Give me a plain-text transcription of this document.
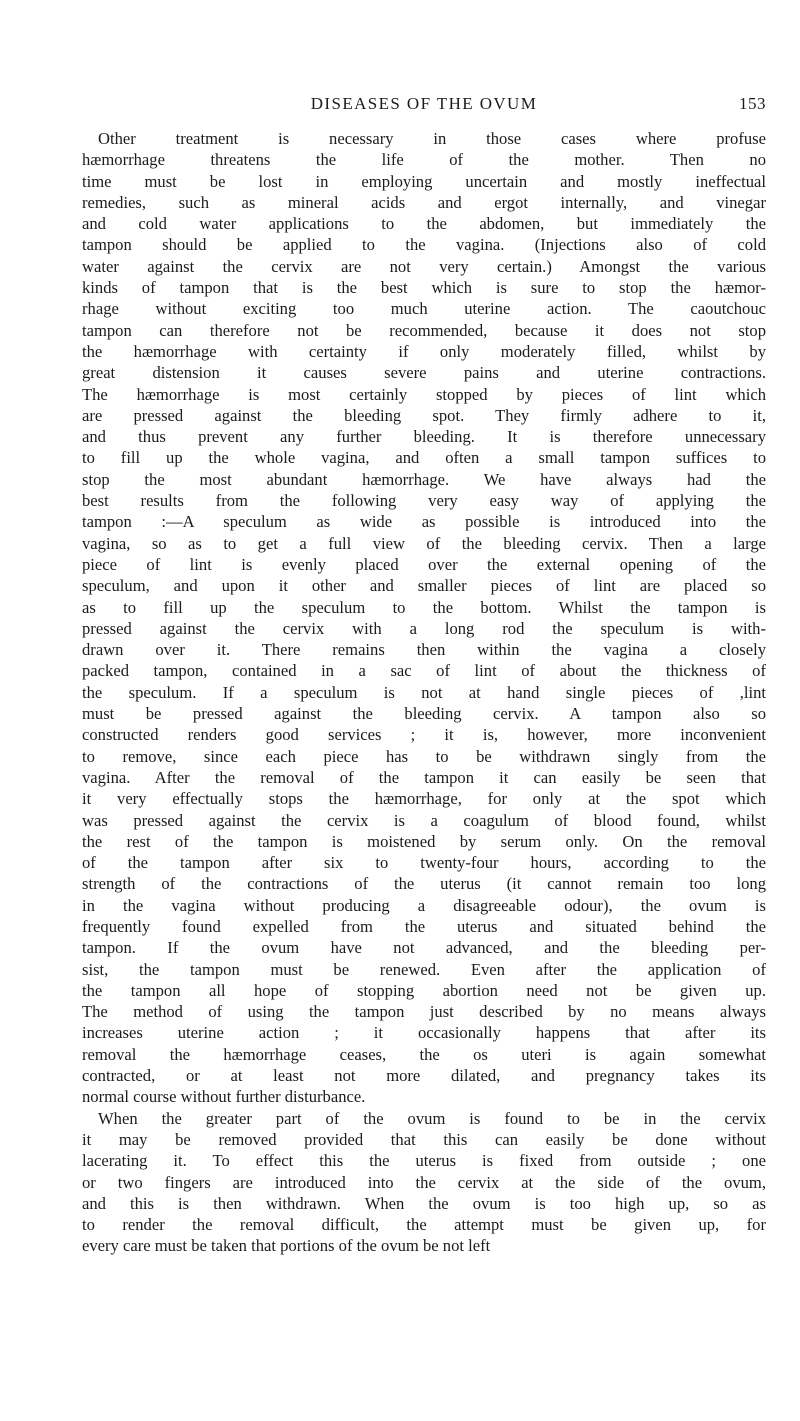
DISEASES OF THE OVUM	153

Other treatment is necessary in those cases where profuse
hæmorrhage threatens the life of the mother. Then no
time must be lost in employing uncertain and mostly ineffectual
remedies, such as mineral acids and ergot internally, and vinegar
and cold water applications to the abdomen, but immediately the
tampon should be applied to the vagina. (Injections also of cold
water against the cervix are not very certain.) Amongst the various
kinds of tampon that is the best which is sure to stop the hæmor-
rhage without exciting too much uterine action. The caoutchouc
tampon can therefore not be recommended, because it does not stop
the hæmorrhage with certainty if only moderately filled, whilst by
great distension it causes severe pains and uterine contractions.
The hæmorrhage is most certainly stopped by pieces of lint which
are pressed against the bleeding spot. They firmly adhere to it,
and thus prevent any further bleeding. It is therefore unnecessary
to fill up the whole vagina, and often a small tampon suffices to
stop the most abundant hæmorrhage. We have always had the
best results from the following very easy way of applying the
tampon :—A speculum as wide as possible is introduced into the
vagina, so as to get a full view of the bleeding cervix. Then a large
piece of lint is evenly placed over the external opening of the
speculum, and upon it other and smaller pieces of lint are placed so
as to fill up the speculum to the bottom. Whilst the tampon is
pressed against the cervix with a long rod the speculum is with-
drawn over it. There remains then within the vagina a closely
packed tampon, contained in a sac of lint of about the thickness of
the speculum. If a speculum is not at hand single pieces of ,lint
must be pressed against the bleeding cervix. A tampon also so
constructed renders good services ; it is, however, more inconvenient
to remove, since each piece has to be withdrawn singly from the
vagina. After the removal of the tampon it can easily be seen that
it very effectually stops the hæmorrhage, for only at the spot which
was pressed against the cervix is a coagulum of blood found, whilst
the rest of the tampon is moistened by serum only. On the removal
of the tampon after six to twenty-four hours, according to the
strength of the contractions of the uterus (it cannot remain too long
in the vagina without producing a disagreeable odour), the ovum is
frequently found expelled from the uterus and situated behind the
tampon. If the ovum have not advanced, and the bleeding per-
sist, the tampon must be renewed. Even after the application of
the tampon all hope of stopping abortion need not be given up.
The method of using the tampon just described by no means always
increases uterine action ; it occasionally happens that after its
removal the hæmorrhage ceases, the os uteri is again somewhat
contracted, or at least not more dilated, and pregnancy takes its
normal course without further disturbance.

When the greater part of the ovum is found to be in the cervix
it may be removed provided that this can easily be done without
lacerating it. To effect this the uterus is fixed from outside ; one
or two fingers are introduced into the cervix at the side of the ovum,
and this is then withdrawn. When the ovum is too high up, so as
to render the removal difficult, the attempt must be given up, for
every care must be taken that portions of the ovum be not left
